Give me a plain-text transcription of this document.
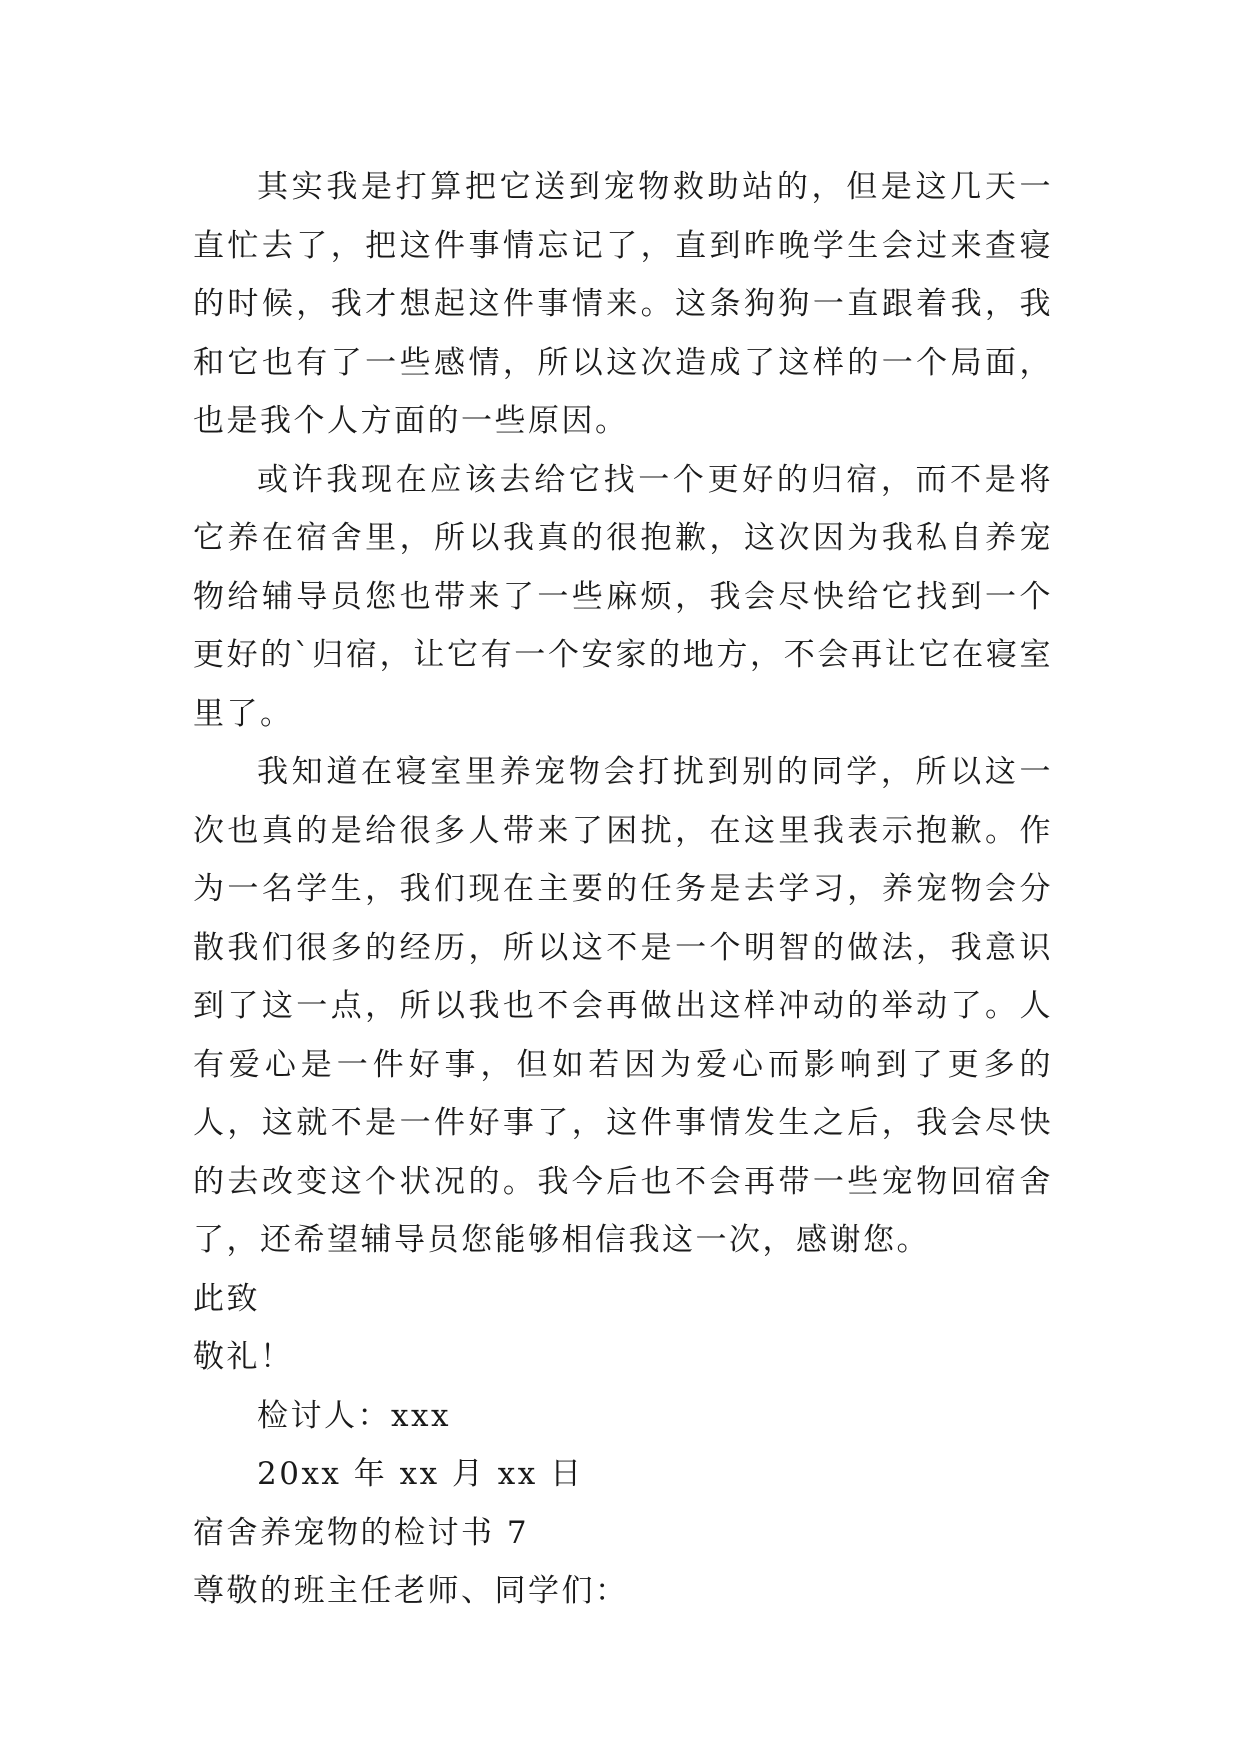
其实我是打算把它送到宠物救助站的，但是这几天一直忙去了，把这件事情忘记了，直到昨晚学生会过来查寝的时候，我才想起这件事情来。这条狗狗一直跟着我，我和它也有了一些感情，所以这次造成了这样的一个局面，也是我个人方面的一些原因。

或许我现在应该去给它找一个更好的归宿，而不是将它养在宿舍里，所以我真的很抱歉，这次因为我私自养宠物给辅导员您也带来了一些麻烦，我会尽快给它找到一个更好的`归宿，让它有一个安家的地方，不会再让它在寝室里了。

我知道在寝室里养宠物会打扰到别的同学，所以这一次也真的是给很多人带来了困扰，在这里我表示抱歉。作为一名学生，我们现在主要的任务是去学习，养宠物会分散我们很多的经历，所以这不是一个明智的做法，我意识到了这一点，所以我也不会再做出这样冲动的举动了。人有爱心是一件好事，但如若因为爱心而影响到了更多的人，这就不是一件好事了，这件事情发生之后，我会尽快的去改变这个状况的。我今后也不会再带一些宠物回宿舍了，还希望辅导员您能够相信我这一次，感谢您。

此致

敬礼！

检讨人：xxx

20xx 年 xx 月 xx 日

宿舍养宠物的检讨书 7

尊敬的班主任老师、同学们：
